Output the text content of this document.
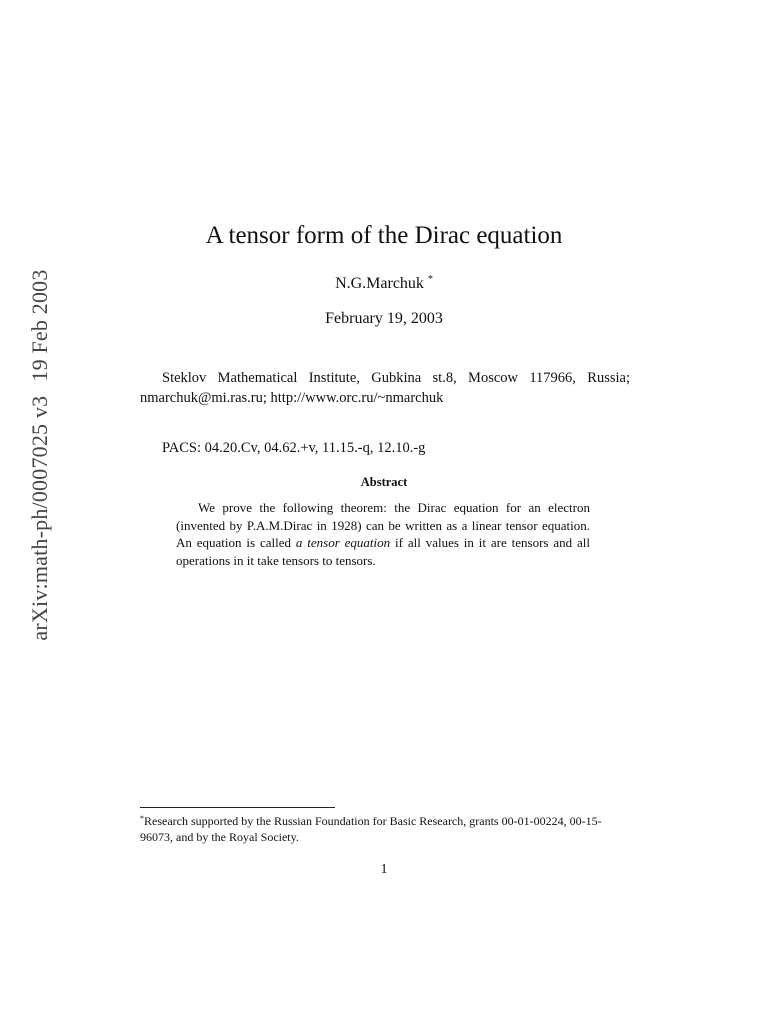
arXiv:math-ph/0007025 v319 Feb 2003
A tensor form of the Dirac equation
N.G.Marchuk *
February 19, 2003
Steklov Mathematical Institute, Gubkina st.8, Moscow 117966, Russia;
nmarchuk@mi.ras.ru; http://www.orc.ru/~nmarchuk
PACS: 04.20.Cv, 04.62.+v, 11.15.-q, 12.10.-g
Abstract
We prove the following theorem: the Dirac equation for an electron (invented by P.A.M.Dirac in 1928) can be written as a linear tensor equation. An equation is called a tensor equation if all values in it are tensors and all operations in it take tensors to tensors.
*Research supported by the Russian Foundation for Basic Research, grants 00-01-00224, 00-15-96073, and by the Royal Society.
1
